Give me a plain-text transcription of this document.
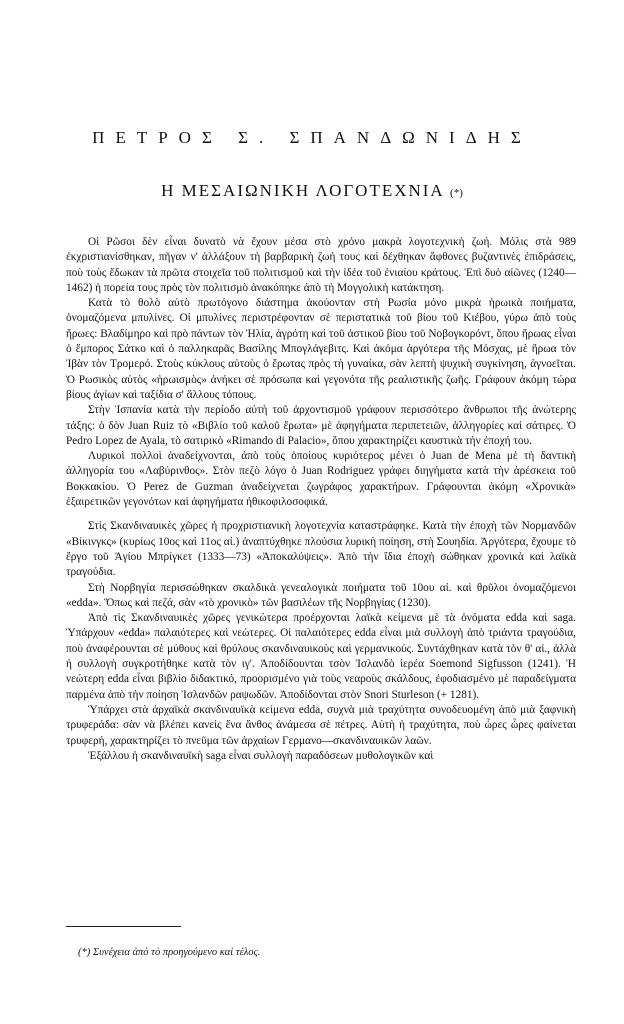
ΠΕΤΡΟΣ Σ. ΣΠΑΝΔΩΝΙΔΗΣ
Η ΜΕΣΑΙΩΝΙΚΗ ΛΟΓΟΤΕΧΝΙΑ (*)

Οἱ Ρῶσοι δὲν εἶναι δυνατὸ νὰ ἔχουν μέσα στὸ χρόνο μακρὰ λογοτεχνικὴ ζωή. Μόλις στὰ 989 ἐκχριστιανίσθηκαν, πῆγαν ν' ἀλλάξουν τὴ βαρβαρικὴ ζωή τους καὶ δέχθηκαν ἄφθονες βυζαντινὲς ἐπιδράσεις, ποὺ τοὺς ἔδωκαν τὰ πρῶτα στοιχεῖα τοῦ πολιτισμοῦ καὶ τὴν ἰδέα τοῦ ἑνιαίου κράτους. Ἐπὶ δυὸ αἰῶνες (1240—1462) ἡ πορεία τους πρὸς τὸν πολιτισμὸ ἀνακόπηκε ἀπὸ τὴ Μογγολικὴ κατάκτηση.

Κατὰ τὸ θολὸ αὐτὸ πρωτόγονο διάστημα ἀκούονταν στὴ Ρωσία μόνο μικρὰ ἡρωικὰ ποιήματα, ὀνομαζόμενα μπυλίνες. Οἱ μπυλίνες περιστρέφονταν σὲ περιστατικὰ τοῦ βίου τοῦ Κιέβου, γύρω ἀπὸ τοὺς ἥρωες: Βλαδίμηρο καὶ πρὸ πάντων τὸν Ἠλία, ἀγρότη καὶ τοῦ ἀστικοῦ βίου τοῦ Νοβογκορόντ, ὅπου ἥρωας εἶναι ὁ ἔμπορος Σάτκο καὶ ὁ παλληκαρᾶς Βασίλης Μπογλάγεβιτς. Καὶ ἀκόμα ἀργότερα τῆς Μόσχας, μὲ ἥρωα τὸν Ἰβὰν τὸν Τρομερό. Στοὺς κύκλους αὐτοὺς ὁ ἔρωτας πρὸς τὴ γυναίκα, σὰν λεπτὴ ψυχικὴ συγκίνηση, ἀγνοεῖται. Ὁ Ρωσικὸς αὐτὸς «ἡρωισμὸς» ἀνήκει σὲ πρόσωπα καὶ γεγονότα τῆς ρεαλιστικῆς ζωῆς. Γράφουν ἀκόμη τώρα βίους ἁγίων καὶ ταξίδια σ' ἄλλους τόπους.

Στὴν Ἱσπανία κατὰ τὴν περίοδο αὐτὴ τοῦ ἀρχοντισμοῦ γράφουν περισσότερο ἄνθρωποι τῆς ἀνώτερης τάξης: ὁ δὸν Juan Ruiz τὸ «Βιβλίο τοῦ καλοῦ ἔρωτα» μὲ ἀφηγήματα περιπετειῶν, ἀλληγορίες καὶ σάτιρες. Ὁ Pedro Lopez de Ayala, τὸ σατιρικὸ «Rimando di Palacio», ὅπου χαρακτηρίζει καυστικὰ τὴν ἐποχή του.

Λυρικοὶ πολλοὶ ἀναδείχνονται, ἀπὸ τοὺς ὁποίους κυριότερος μένει ὁ Juan de Mena μὲ τὴ δαντικὴ ἀλληγορία του «Λαβύρινθος». Στὸν πεζὸ λόγο ὁ Juan Rodriguez γράφει διηγήματα κατὰ τὴν ἀρέσκεια τοῦ Βοκκακίου. Ὁ Perez de Guzman ἀναδείχνεται ζωγράφος χαρακτήρων. Γράφουνται ἀκόμη «Χρονικὰ» ἐξαιρετικῶν γεγονότων καὶ ἀφηγήματα ἠθικοφιλοσοφικά.

Στὶς Σκανδιναυικὲς χῶρες ἡ προχριστιανικὴ λογοτεχνία καταστράφηκε. Κατὰ τὴν ἐποχὴ τῶν Νορμανδῶν «Βίκινγκς» (κυρίως 10ος καὶ 11ος αἰ.) ἀναπτύχθηκε πλούσια λυρικὴ ποίηση, στὴ Σουηδία. Ἀργότερα, ἔχουμε τὸ ἔργο τοῦ Ἁγίου Μπρίγκετ (1333—73) «Ἀποκαλύψεις». Ἀπὸ τὴν ἴδια ἐποχὴ σώθηκαν χρονικὰ καὶ λαϊκὰ τραγούδια.

Στὴ Νορβηγία περισσώθηκαν σκαλδικὰ γενεαλογικὰ ποιήματα τοῦ 10ου αἰ. καὶ θρῦλοι ὀνομαζόμενοι «edda». Ὅπως καὶ πεζά, σὰν «τὸ χρονικὸ» τῶν βασιλέων τῆς Νορβηγίας (1230).

Ἀπὸ τὶς Σκανδιναυικὲς χῶρες γενικώτερα προέρχονται λαϊκὰ κείμενα μὲ τὰ ὀνόματα edda καὶ saga. Ὑπάρχουν «edda» παλαιότερες καὶ νεώτερες. Οἱ παλαιότερες edda εἶναι μιὰ συλλογὴ ἀπὸ τριάντα τραγούδια, ποὺ ἀναφέρουνται σὲ μύθους καὶ θρύλους σκανδιναυικοὺς καὶ γερμανικούς. Συντάχθηκαν κατὰ τὸν θ' αἰ., ἀλλὰ ἡ συλλογὴ συγκροτήθηκε κατὰ τὸν ιγ'. Ἀποδίδουνται τσὸν Ἰσλανδὸ ἱερέα Soemond Sigfusson (1241). Ἡ νεώτερη edda εἶναι βιβλίο διδακτικό, προορισμένο γιὰ τοὺς νεαροὺς σκάλδους, ἐφοδιασμένο μὲ παραδείγματα παρμένα ἀπὸ τὴν ποίηση Ἰσλανδῶν ραψωδῶν. Ἀποδίδονται στὸν Snori Sturleson (+ 1281).

Ὑπάρχει στὰ ἀρχαϊκὰ σκανδιναυϊκὰ κείμενα edda, συχνὰ μιὰ τραχύτητα συνοδευομένη ἀπὸ μιὰ ξαφνικὴ τρυφεράδα: σὰν νὰ βλέπει κανεὶς ἕνα ἄνθος ἀνάμεσα σὲ πέτρες. Αὐτὴ ἡ τραχύτητα, ποὺ ὧρες ὧρες φαίνεται τρυφερή, χαρακτηρίζει τὸ πνεῦμα τῶν ἀρχαίων Γερμανο—σκανδιναυικῶν λαῶν.

Ἐξάλλου ἡ σκανδιναυϊκὴ saga εἶναι συλλογὴ παραδόσεων μυθολογικῶν καὶ

(*) Συνέχεια ἀπὸ τὸ προηγούμενο καὶ τέλος.
